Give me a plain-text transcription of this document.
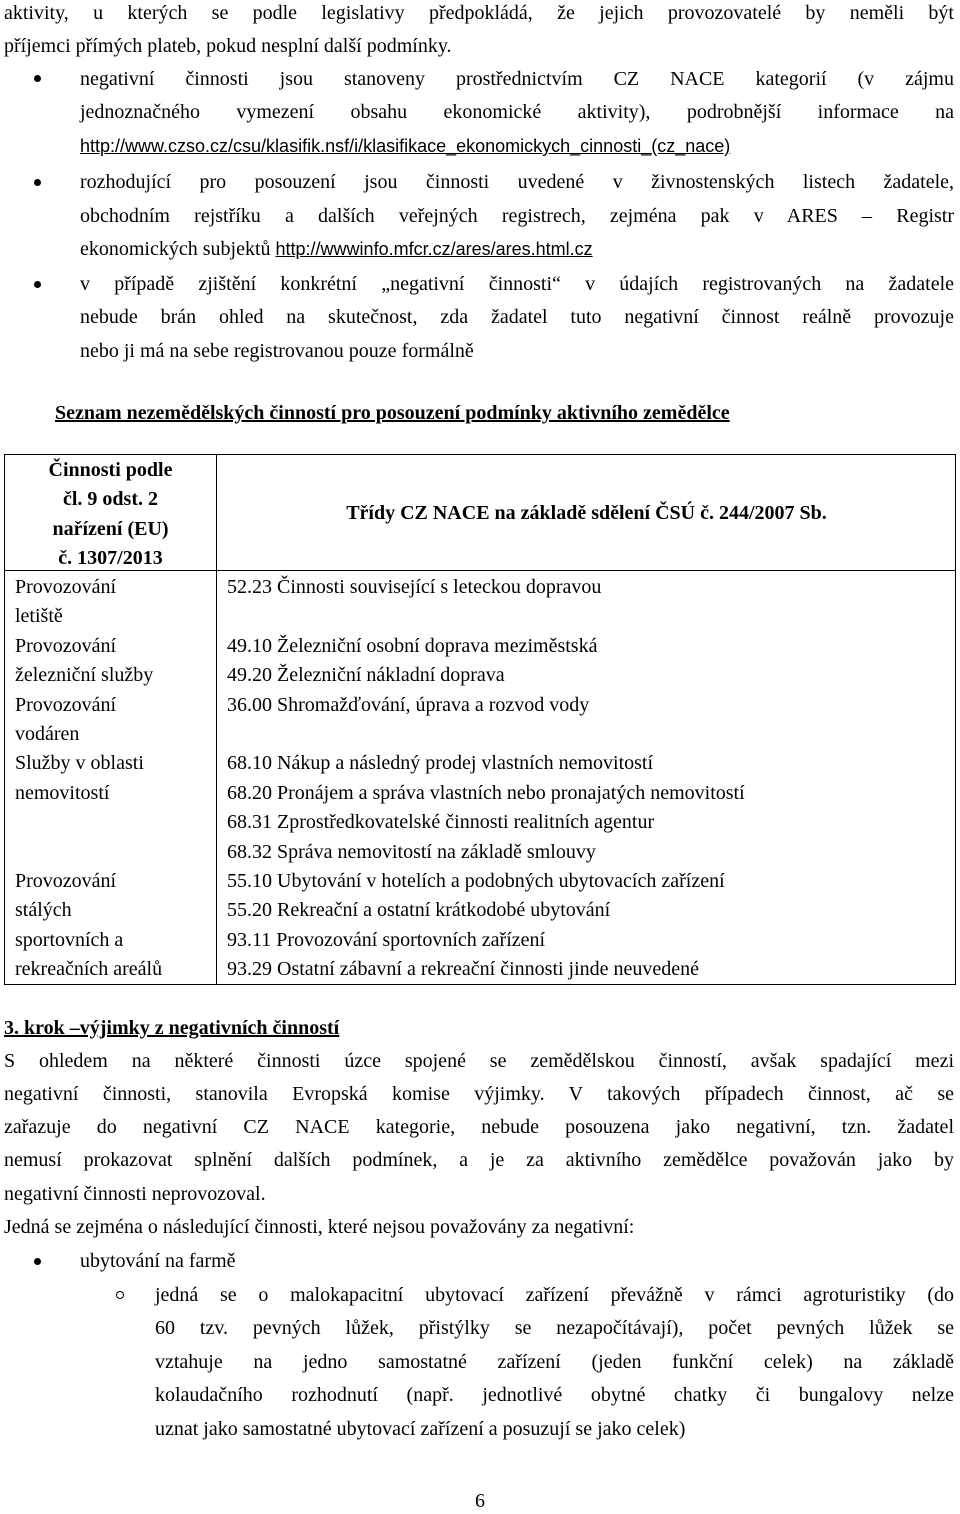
aktivity, u kterých se podle legislativy předpokládá, že jejich provozovatelé by neměli být
příjemci přímých plateb, pokud nesplní další podmínky.
negativní činnosti jsou stanoveny prostřednictvím CZ NACE kategorií (v zájmu
jednoznačného vymezení obsahu ekonomické aktivity), podrobnější informace na
http://www.czso.cz/csu/klasifik.nsf/i/klasifikace_ekonomickych_cinnosti_(cz_nace)
rozhodující pro posouzení jsou činnosti uvedené v živnostenských listech žadatele,
obchodním rejstříku a dalších veřejných registrech, zejména pak v ARES – Registr
ekonomických subjektů http://wwwinfo.mfcr.cz/ares/ares.html.cz
v případě zjištění konkrétní „negativní činnosti“ v údajích registrovaných na žadatele
nebude brán ohled na skutečnost, zda žadatel tuto negativní činnost reálně provozuje
nebo ji má na sebe registrovanou pouze formálně
Seznam nezemědělských činností pro posouzení podmínky aktivního zemědělce
Činnosti podle
čl. 9 odst. 2
nařízení (EU)
č. 1307/2013
Třídy CZ NACE na základě sdělení ČSÚ č. 244/2007 Sb.
Provozování
letiště
Provozování
železniční služby
Provozování
vodáren
Služby v oblasti
nemovitostí
Provozování
stálých
sportovních a
rekreačních areálů
52.23 Činnosti související s leteckou dopravou
49.10 Železniční osobní doprava meziměstská
49.20 Železniční nákladní doprava
36.00 Shromažďování, úprava a rozvod vody
68.10 Nákup a následný prodej vlastních nemovitostí
68.20 Pronájem a správa vlastních nebo pronajatých nemovitostí
68.31 Zprostředkovatelské činnosti realitních agentur
68.32 Správa nemovitostí na základě smlouvy
55.10 Ubytování v hotelích a podobných ubytovacích zařízení
55.20 Rekreační a ostatní krátkodobé ubytování
93.11 Provozování sportovních zařízení
93.29 Ostatní zábavní a rekreační činnosti jinde neuvedené
3. krok –výjimky z negativních činností
S ohledem na některé činnosti úzce spojené se zemědělskou činností, avšak spadající mezi
negativní činnosti, stanovila Evropská komise výjimky. V takových případech činnost, ač se
zařazuje do negativní CZ NACE kategorie, nebude posouzena jako negativní, tzn. žadatel
nemusí prokazovat splnění dalších podmínek, a je za aktivního zemědělce považován jako by
negativní činnosti neprovozoval.
Jedná se zejména o následující činnosti, které nejsou považovány za negativní:
ubytování na farmě
jedná se o malokapacitní ubytovací zařízení převážně v rámci agroturistiky (do
60 tzv. pevných lůžek, přistýlky se nezapočítávají), počet pevných lůžek se
vztahuje na jedno samostatné zařízení (jeden funkční celek) na základě
kolaudačního rozhodnutí (např. jednotlivé obytné chatky či bungalovy nelze
uznat jako samostatné ubytovací zařízení a posuzují se jako celek)
6
